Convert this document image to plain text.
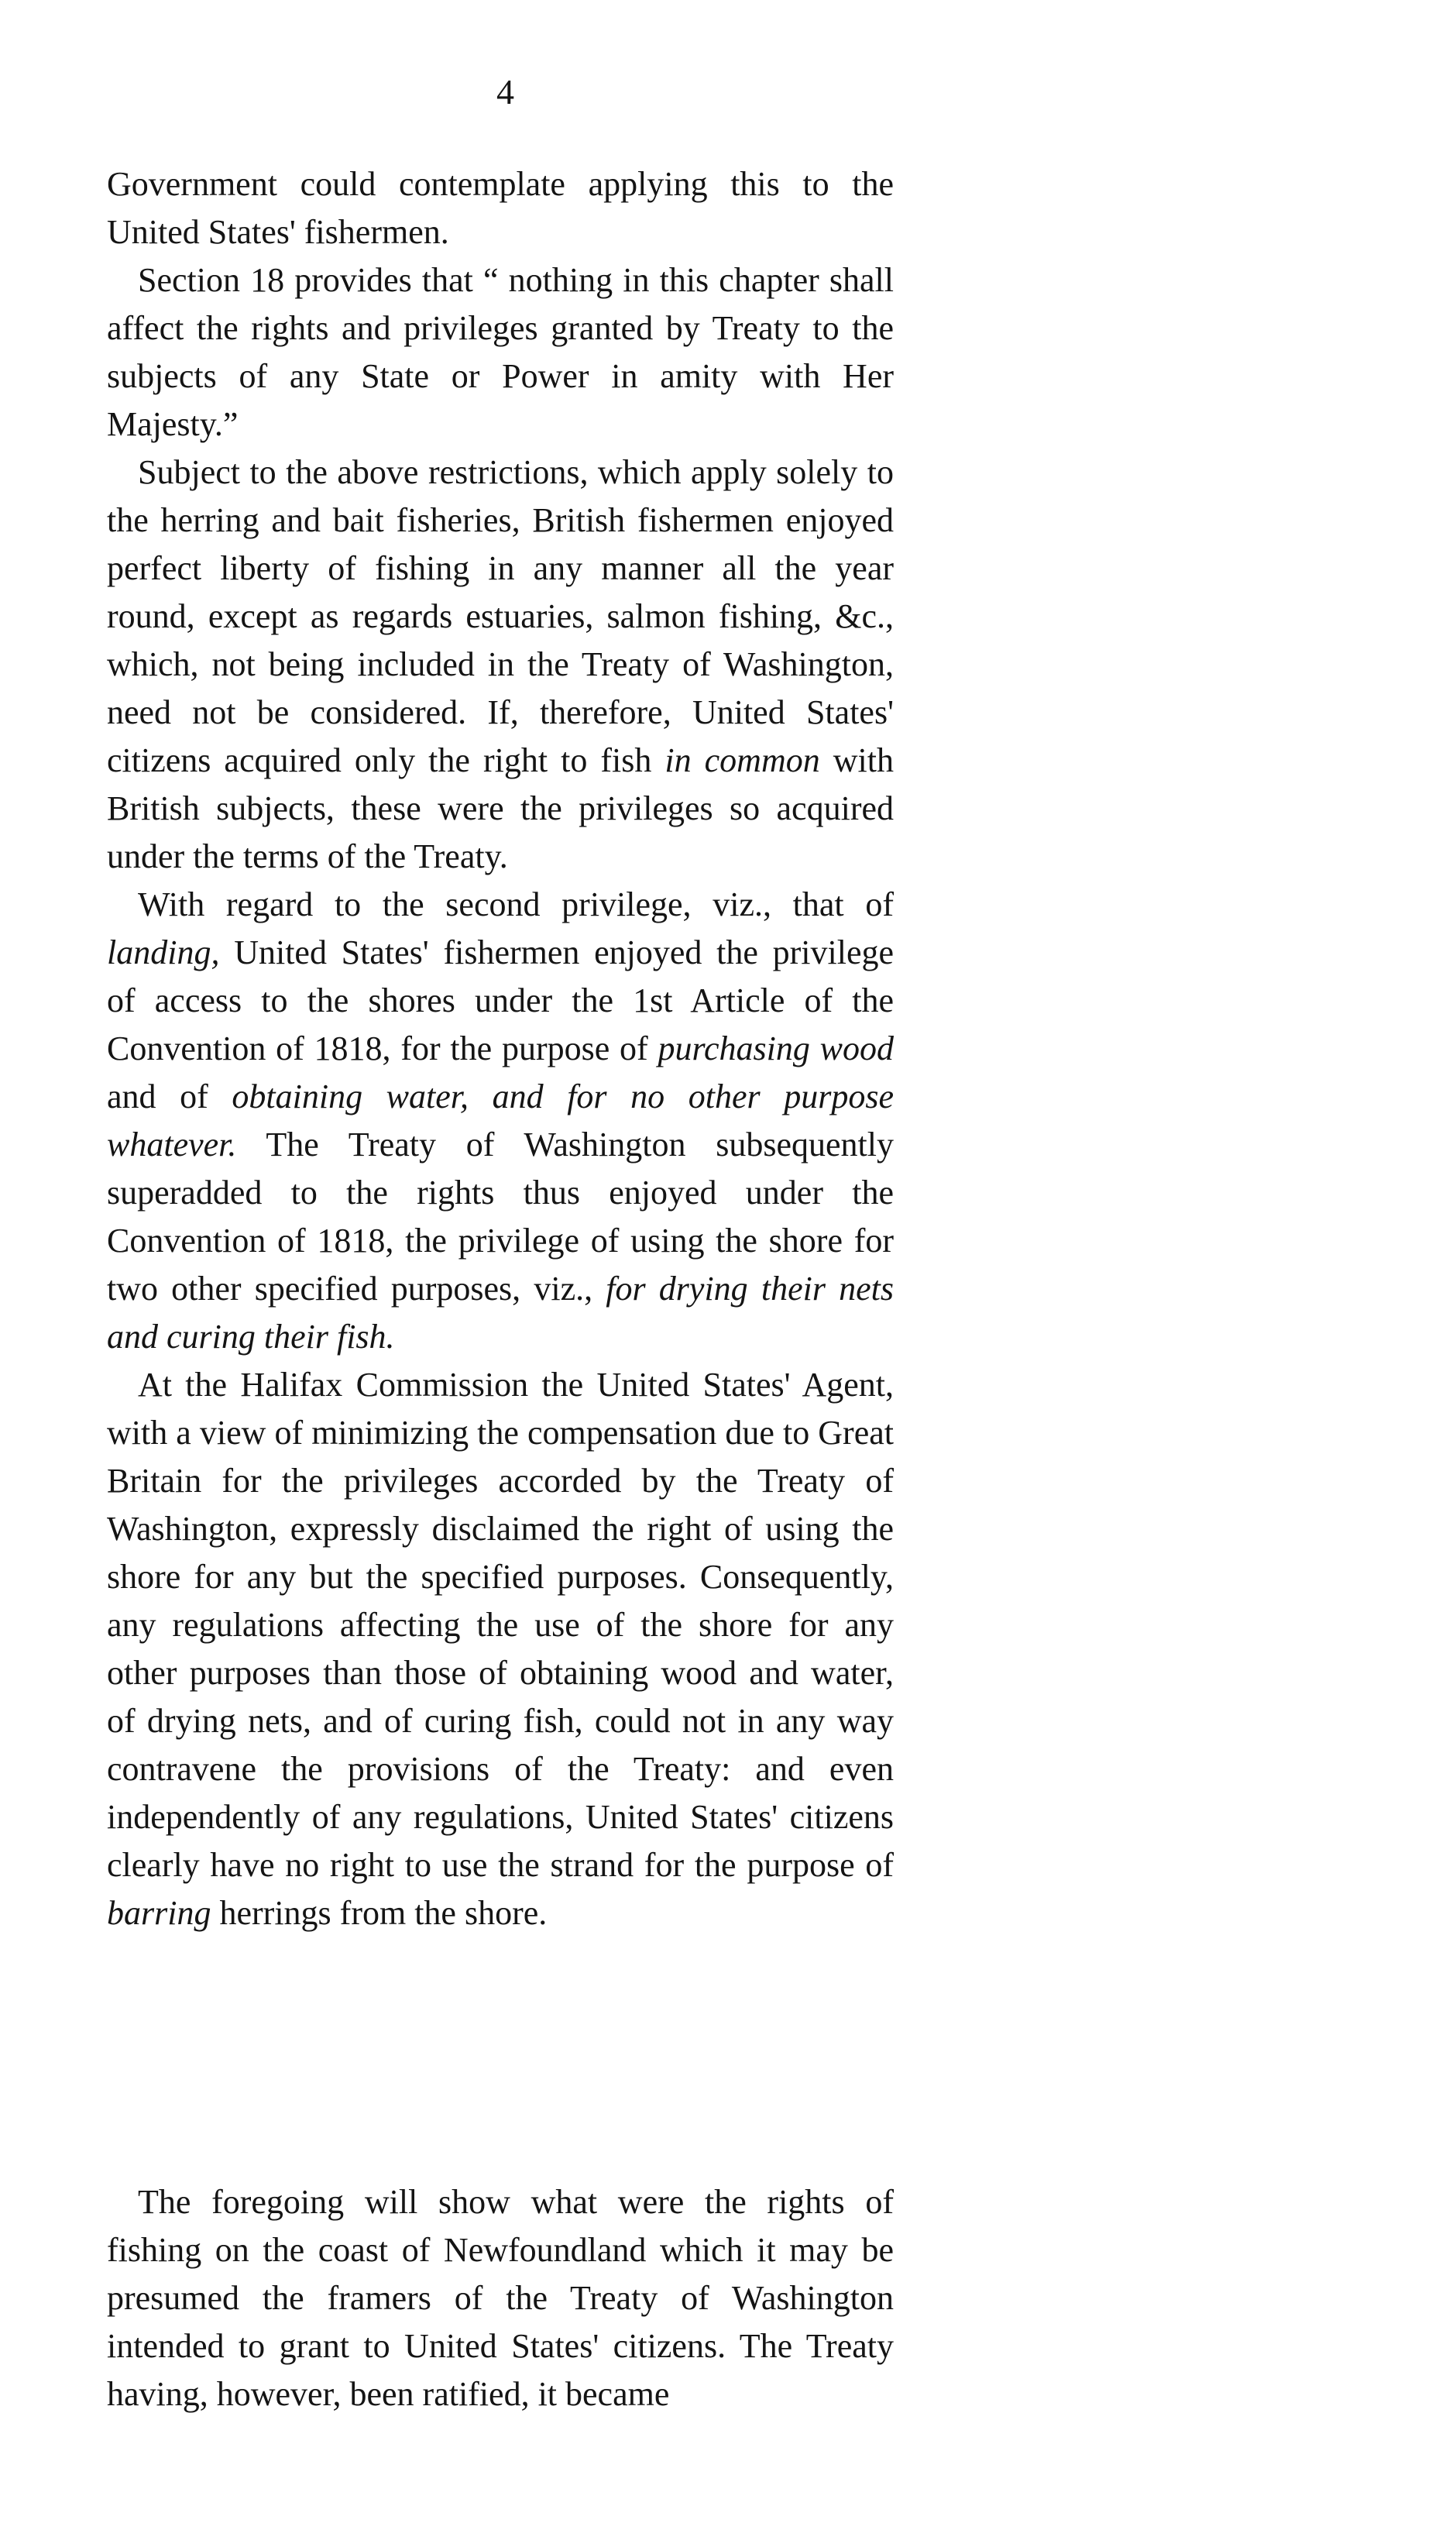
4

Government could contemplate applying this to the United States' fishermen.

Section 18 provides that “ nothing in this chapter shall affect the rights and privileges granted by Treaty to the subjects of any State or Power in amity with Her Majesty.”

Subject to the above restrictions, which apply solely to the herring and bait fisheries, British fishermen enjoyed perfect liberty of fishing in any manner all the year round, except as regards estuaries, salmon fishing, &c., which, not being included in the Treaty of Washington, need not be considered. If, therefore, United States' citizens acquired only the right to fish in common with British subjects, these were the privileges so acquired under the terms of the Treaty.

With regard to the second privilege, viz., that of landing, United States' fishermen enjoyed the privilege of access to the shores under the 1st Article of the Convention of 1818, for the purpose of purchasing wood and of obtaining water, and for no other purpose whatever. The Treaty of Washington subsequently superadded to the rights thus enjoyed under the Convention of 1818, the privilege of using the shore for two other specified purposes, viz., for drying their nets and curing their fish.

At the Halifax Commission the United States' Agent, with a view of minimizing the compensation due to Great Britain for the privileges accorded by the Treaty of Washington, expressly disclaimed the right of using the shore for any but the specified purposes. Consequently, any regulations affecting the use of the shore for any other purposes than those of obtaining wood and water, of drying nets, and of curing fish, could not in any way contravene the provisions of the Treaty: and even independently of any regulations, United States' citizens clearly have no right to use the strand for the purpose of barring herrings from the shore.

The foregoing will show what were the rights of fishing on the coast of Newfoundland which it may be presumed the framers of the Treaty of Washington intended to grant to United States' citizens. The Treaty having, however, been ratified, it became
